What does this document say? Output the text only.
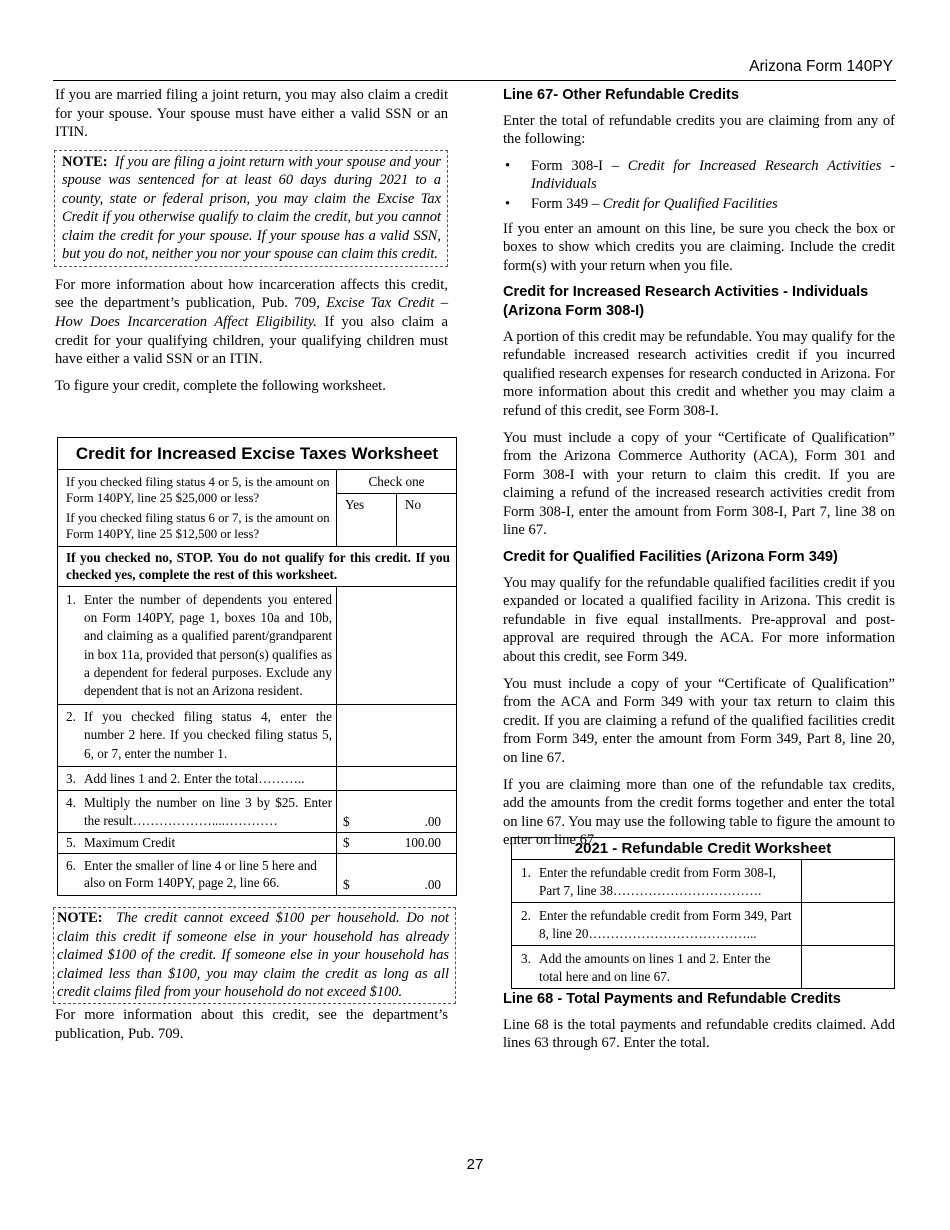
Arizona Form 140PY

If you are married filing a joint return, you may also claim a credit for your spouse. Your spouse must have either a valid SSN or an ITIN.

NOTE: If you are filing a joint return with your spouse and your spouse was sentenced for at least 60 days during 2021 to a county, state or federal prison, you may claim the Excise Tax Credit if you otherwise qualify to claim the credit, but you cannot claim the credit for your spouse. If your spouse has a valid SSN, but you do not, neither you nor your spouse can claim this credit.

For more information about how incarceration affects this credit, see the department’s publication, Pub. 709, Excise Tax Credit – How Does Incarceration Affect Eligibility. If you also claim a credit for your qualifying children, your qualifying children must have either a valid SSN or an ITIN.

To figure your credit, complete the following worksheet.

Credit for Increased Excise Taxes Worksheet
If you checked filing status 4 or 5, is the amount on Form 140PY, line 25 $25,000 or less?
If you checked filing status 6 or 7, is the amount on Form 140PY, line 25 $12,500 or less?
Check one
Yes	No
If you checked no, STOP. You do not qualify for this credit. If you checked yes, complete the rest of this worksheet.
1. Enter the number of dependents you entered on Form 140PY, page 1, boxes 10a and 10b, and claiming as a qualified parent/grandparent in box 11a, provided that person(s) qualifies as a dependent for federal purposes. Exclude any dependent that is not an Arizona resident.
2. If you checked filing status 4, enter the number 2 here. If you checked filing status 5, 6, or 7, enter the number 1.
3. Add lines 1 and 2. Enter the total………..
4. Multiply the number on line 3 by $25. Enter the result………………....…………	$	.00
5. Maximum Credit	$	100.00
6. Enter the smaller of line 4 or line 5 here and also on Form 140PY, page 2, line 66.	$	.00
NOTE: The credit cannot exceed $100 per household. Do not claim this credit if someone else in your household has already claimed $100 of the credit. If someone else in your household has claimed less than $100, you may claim the credit as long as all credit claims filed from your household do not exceed $100.

For more information about this credit, see the department’s publication, Pub. 709.

Line 67- Other Refundable Credits

Enter the total of refundable credits you are claiming from any of the following:

• Form 308-I – Credit for Increased Research Activities - Individuals
• Form 349 – Credit for Qualified Facilities

If you enter an amount on this line, be sure you check the box or boxes to show which credits you are claiming. Include the credit form(s) with your return when you file.

Credit for Increased Research Activities - Individuals (Arizona Form 308-I)

A portion of this credit may be refundable. You may qualify for the refundable increased research activities credit if you incurred qualified research expenses for research conducted in Arizona. For more information about this credit and whether you may claim a refund of this credit, see Form 308-I.

You must include a copy of your “Certificate of Qualification” from the Arizona Commerce Authority (ACA), Form 301 and Form 308-I with your return to claim this credit. If you are claiming a refund of the increased research activities credit from Form 308-I, enter the amount from Form 308-I, Part 7, line 38 on line 67.

Credit for Qualified Facilities (Arizona Form 349)

You may qualify for the refundable qualified facilities credit if you expanded or located a qualified facility in Arizona. This credit is refundable in five equal installments. Pre-approval and post-approval are required through the ACA. For more information about this credit, see Form 349.

You must include a copy of your “Certificate of Qualification” from the ACA and Form 349 with your tax return to claim this credit. If you are claiming a refund of the qualified facilities credit from Form 349, enter the amount from Form 349, Part 8, line 20, on line 67.

If you are claiming more than one of the refundable tax credits, add the amounts from the credit forms together and enter the total on line 67. You may use the following table to figure the amount to enter on line 67.

2021 - Refundable Credit Worksheet
1. Enter the refundable credit from Form 308-I, Part 7, line 38…………………………….
2. Enter the refundable credit from Form 349, Part 8, line 20………………………………...
3. Add the amounts on lines 1 and 2. Enter the total here and on line 67.
Line 68 - Total Payments and Refundable Credits

Line 68 is the total payments and refundable credits claimed. Add lines 63 through 67. Enter the total.

27
